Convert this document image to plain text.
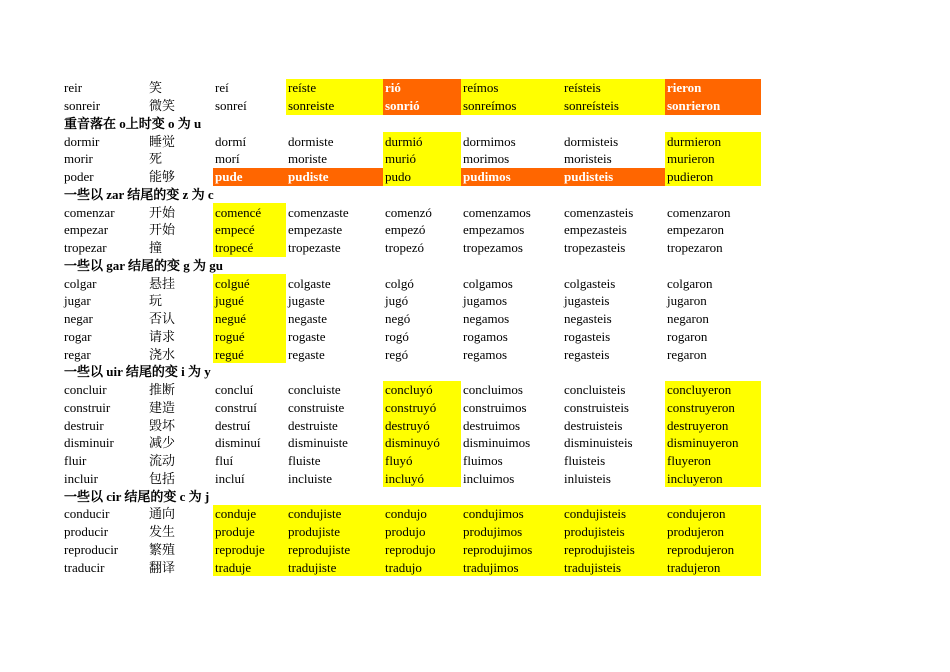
reir	笑	reí	reíste	rió	reímos	reísteis	rieron
sonreir	微笑	sonreí	sonreiste	sonrió	sonreímos	sonreísteis	sonrieron
重音落在 o上时变 o 为 u							
dormir	睡觉	dormí	dormiste	durmió	dormimos	dormisteis	durmieron
morir	死	morí	moriste	murió	morimos	moristeis	murieron
poder	能够	pude	pudiste	pudo	pudimos	pudisteis	pudieron
一些以 zar 结尾的变 z 为 c							
comenzar	开始	comencé	comenzaste	comenzó	comenzamos	comenzasteis	comenzaron
empezar	开始	empecé	empezaste	empezó	empezamos	empezasteis	empezaron
tropezar	撞	tropecé	tropezaste	tropezó	tropezamos	tropezasteis	tropezaron
一些以 gar 结尾的变 g 为 gu							
colgar	悬挂	colgué	colgaste	colgó	colgamos	colgasteis	colgaron
jugar	玩	jugué	jugaste	jugó	jugamos	jugasteis	jugaron
negar	否认	negué	negaste	negó	negamos	negasteis	negaron
rogar	请求	rogué	rogaste	rogó	rogamos	rogasteis	rogaron
regar	浇水	regué	regaste	regó	regamos	regasteis	regaron
一些以 uir 结尾的变 i 为 y							
concluir	推断	concluí	concluiste	concluyó	concluimos	concluisteis	concluyeron
construir	建造	construí	construiste	construyó	construimos	construisteis	construyeron
destruir	毁坏	destruí	destruiste	destruyó	destruimos	destruisteis	destruyeron
disminuir	减少	disminuí	disminuiste	disminuyó	disminuimos	disminuisteis	disminuyeron
fluir	流动	fluí	fluiste	fluyó	fluimos	fluisteis	fluyeron
incluir	包括	incluí	incluiste	incluyó	incluimos	inluisteis	incluyeron
一些以 cir 结尾的变 c 为 j							
conducir	通向	conduje	condujiste	condujo	condujimos	condujisteis	condujeron
producir	发生	produje	produjiste	produjo	produjimos	produjisteis	produjeron
reproducir	繁殖	reproduje	reprodujiste	reprodujo	reprodujimos	reprodujisteis	reprodujeron
traducir	翻译	traduje	tradujiste	tradujo	tradujimos	tradujisteis	tradujeron
